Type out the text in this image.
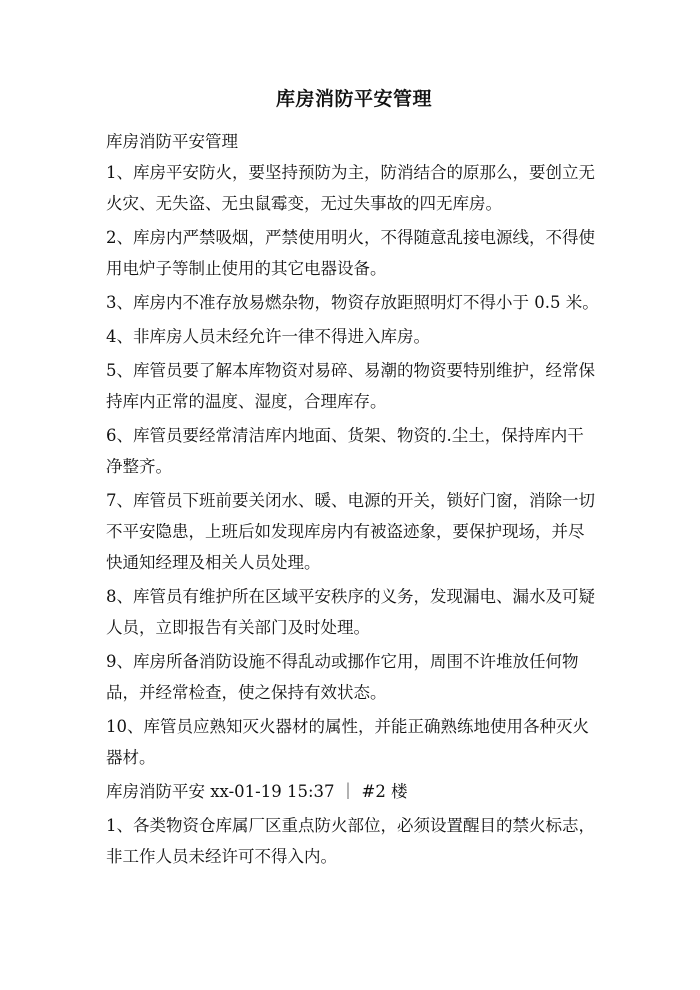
库房消防平安管理

库房消防平安管理

1、库房平安防火，要坚持预防为主，防消结合的原那么，要创立无
火灾、无失盗、无虫鼠霉变，无过失事故的四无库房。

2、库房内严禁吸烟，严禁使用明火，不得随意乱接电源线，不得使
用电炉子等制止使用的其它电器设备。

3、库房内不准存放易燃杂物，物资存放距照明灯不得小于 0.5 米。

4、非库房人员未经允许一律不得进入库房。

5、库管员要了解本库物资对易碎、易潮的物资要特别维护，经常保
持库内正常的温度、湿度，合理库存。

6、库管员要经常清洁库内地面、货架、物资的.尘土，保持库内干
净整齐。

7、库管员下班前要关闭水、暖、电源的开关，锁好门窗，消除一切
不平安隐患，上班后如发现库房内有被盗迹象，要保护现场，并尽
快通知经理及相关人员处理。

8、库管员有维护所在区域平安秩序的义务，发现漏电、漏水及可疑
人员，立即报告有关部门及时处理。

9、库房所备消防设施不得乱动或挪作它用，周围不许堆放任何物
品，并经常检查，使之保持有效状态。

10、库管员应熟知灭火器材的属性，并能正确熟练地使用各种灭火
器材。

库房消防平安 xx-01-19 15:37 ｜ #2 楼

1、各类物资仓库属厂区重点防火部位，必须设置醒目的禁火标志，
非工作人员未经许可不得入内。
